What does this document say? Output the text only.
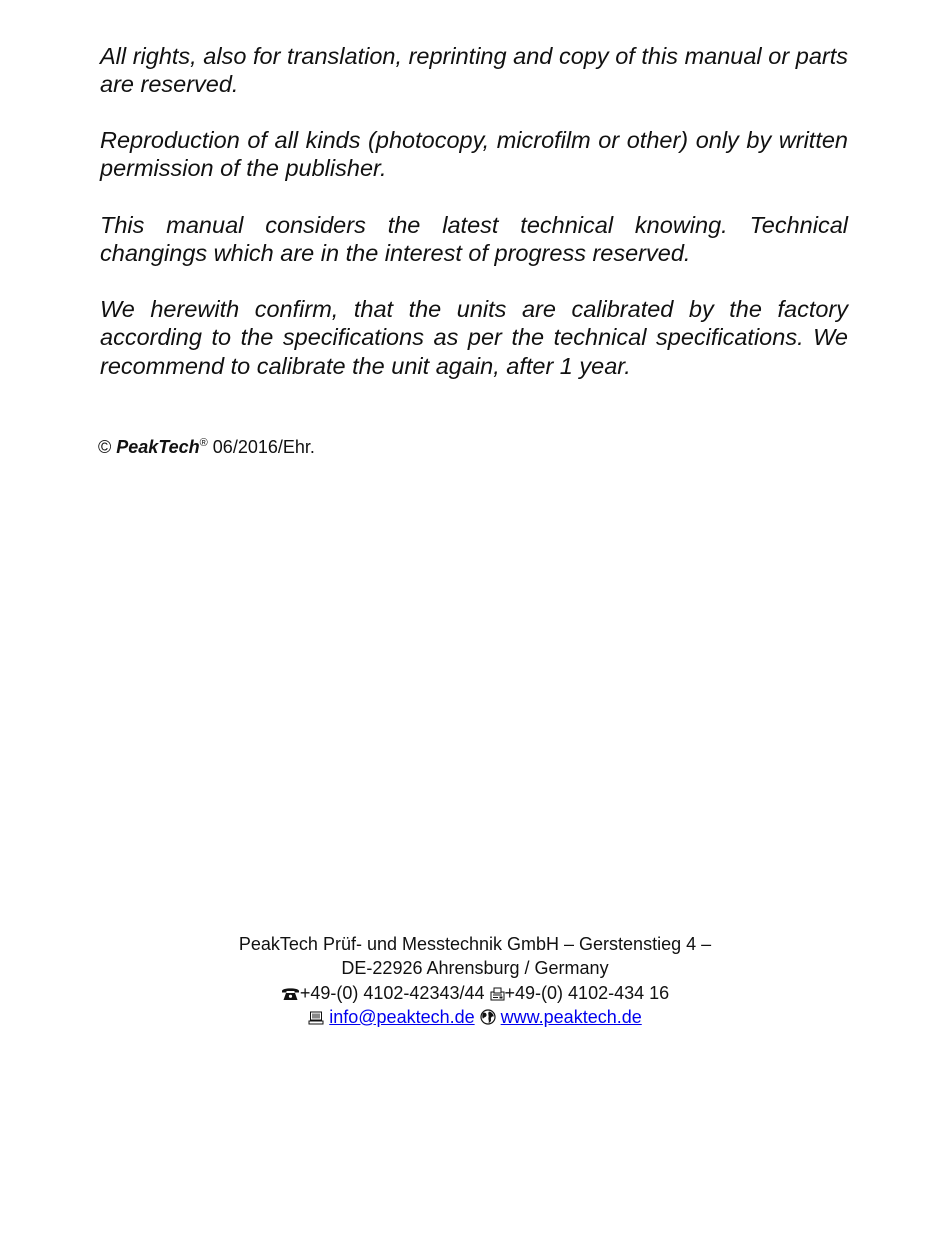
All rights, also for translation, reprinting and copy of this manual or parts are reserved.

Reproduction of all kinds (photocopy, microfilm or other) only by written permission of the publisher.

This manual considers the latest technical knowing. Technical changings which are in the interest of progress reserved.

We herewith confirm, that the units are calibrated by the factory according to the specifications as per the technical specifications. We recommend to calibrate the unit again, after 1 year.

© PeakTech® 06/2016/Ehr.
PeakTech Prüf- und Messtechnik GmbH – Gerstenstieg 4 –
DE-22926 Ahrensburg / Germany
+49-(0) 4102-42343/44 +49-(0) 4102-434 16
info@peaktech.de www.peaktech.de
